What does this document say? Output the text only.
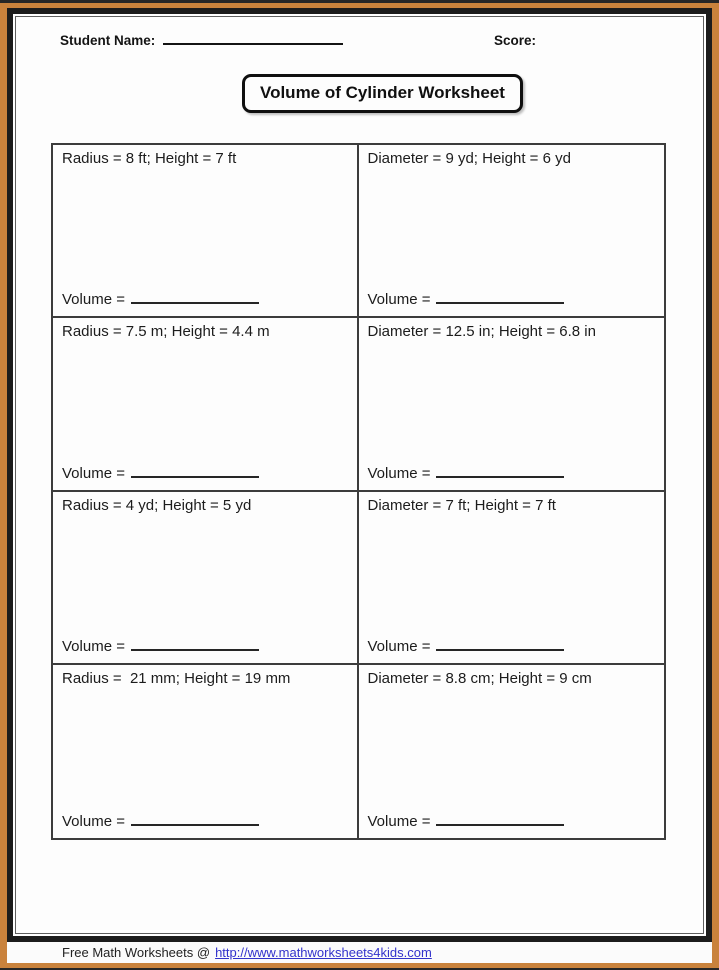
Student Name:	Score:
Volume of Cylinder Worksheet
Radius = 8 ft; Height = 7 ft
Volume =
Diameter = 9 yd; Height = 6 yd
Volume =
Radius = 7.5 m; Height = 4.4 m
Volume =
Diameter = 12.5 in; Height = 6.8 in
Volume =
Radius = 4 yd; Height = 5 yd
Volume =
Diameter = 7 ft; Height = 7 ft
Volume =
Radius =  21 mm; Height = 19 mm
Volume =
Diameter = 8.8 cm; Height = 9 cm
Volume =
Free Math Worksheets @ http://www.mathworksheets4kids.com
